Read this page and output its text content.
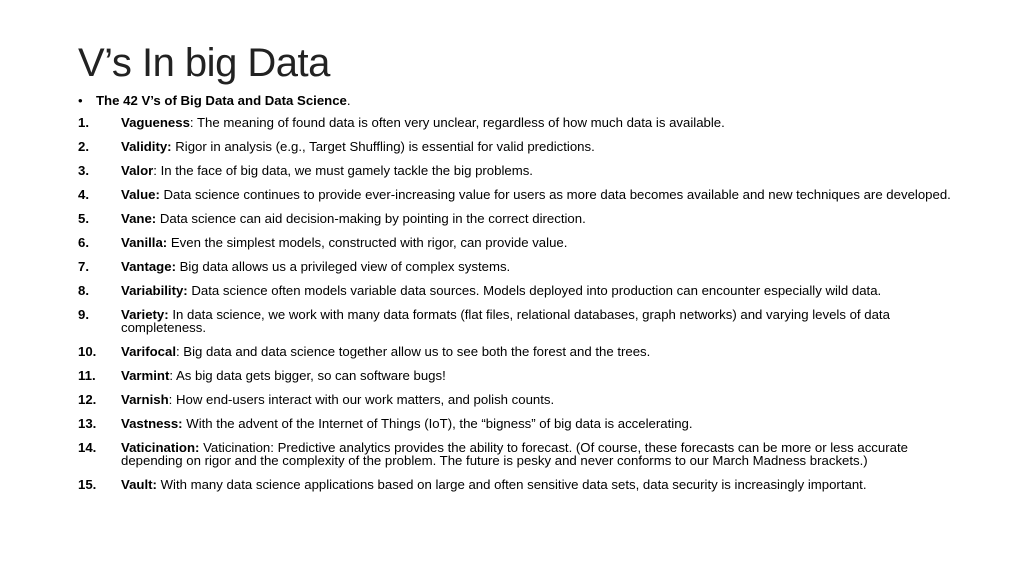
V’s In big Data
•	The 42 V’s of Big Data and Data Science.
1.	Vagueness: The meaning of found data is often very unclear, regardless of how much data is available.
2.	Validity: Rigor in analysis (e.g., Target Shuffling) is essential for valid predictions.
3.	Valor: In the face of big data, we must gamely tackle the big problems.
4.	Value: Data science continues to provide ever-increasing value for users as more data becomes available and new techniques are developed.
5.	Vane: Data science can aid decision-making by pointing in the correct direction.
6.	Vanilla: Even the simplest models, constructed with rigor, can provide value.
7.	Vantage: Big data allows us a privileged view of complex systems.
8.	Variability: Data science often models variable data sources. Models deployed into production can encounter especially wild data.
9.	Variety: In data science, we work with many data formats (flat files, relational databases, graph networks) and varying levels of data completeness.
10.	Varifocal: Big data and data science together allow us to see both the forest and the trees.
11.	Varmint: As big data gets bigger, so can software bugs!
12.	Varnish: How end-users interact with our work matters, and polish counts.
13.	Vastness: With the advent of the Internet of Things (IoT), the “bigness” of big data is accelerating.
14.	Vaticination: Vaticination: Predictive analytics provides the ability to forecast. (Of course, these forecasts can be more or less accurate depending on rigor and the complexity of the problem. The future is pesky and never conforms to our March Madness brackets.)
15.	Vault: With many data science applications based on large and often sensitive data sets, data security is increasingly important.
